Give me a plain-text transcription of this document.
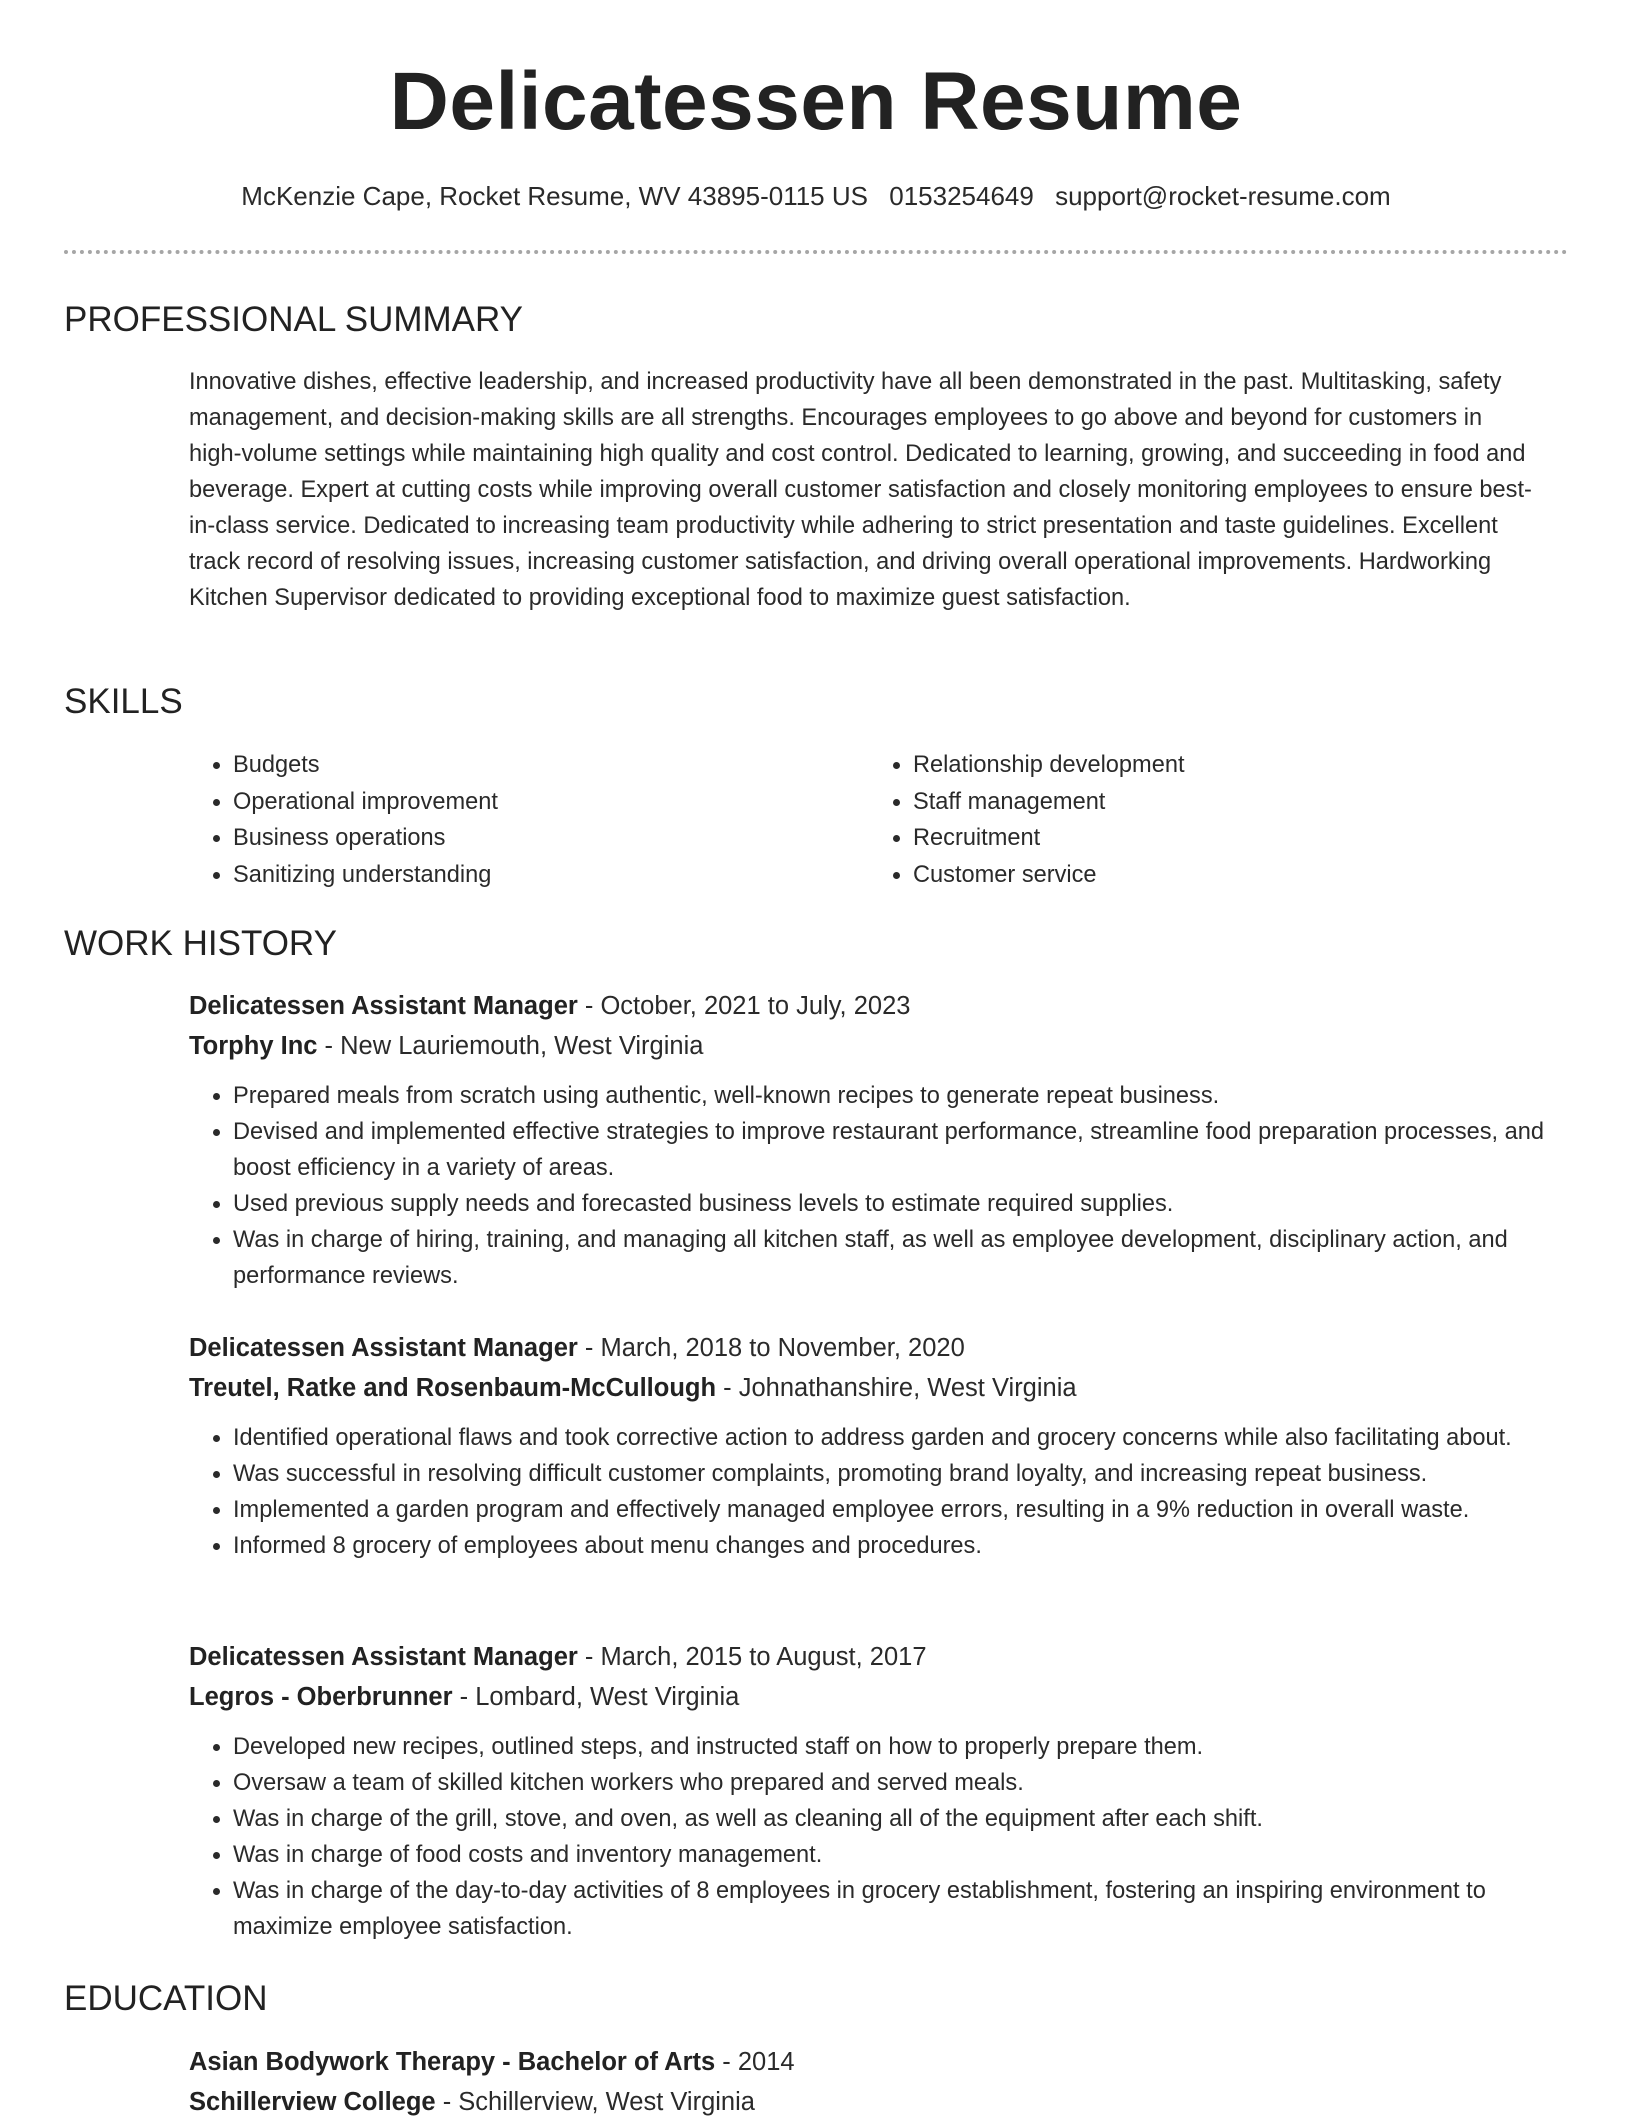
Delicatessen Resume
McKenzie Cape, Rocket Resume, WV 43895-0115 US 0153254649 support@rocket-resume.com
PROFESSIONAL SUMMARY

Innovative dishes, effective leadership, and increased productivity have all been demonstrated in the past. Multitasking, safety management, and decision-making skills are all strengths. Encourages employees to go above and beyond for customers in high-volume settings while maintaining high quality and cost control. Dedicated to learning, growing, and succeeding in food and beverage. Expert at cutting costs while improving overall customer satisfaction and closely monitoring employees to ensure best-in-class service. Dedicated to increasing team productivity while adhering to strict presentation and taste guidelines. Excellent track record of resolving issues, increasing customer satisfaction, and driving overall operational improvements. Hardworking Kitchen Supervisor dedicated to providing exceptional food to maximize guest satisfaction.

SKILLS
• Budgets
• Operational improvement
• Business operations
• Sanitizing understanding
• Relationship development
• Staff management
• Recruitment
• Customer service
WORK HISTORY
Delicatessen Assistant Manager - October, 2021 to July, 2023
Torphy Inc - New Lauriemouth, West Virginia
• Prepared meals from scratch using authentic, well-known recipes to generate repeat business.
• Devised and implemented effective strategies to improve restaurant performance, streamline food preparation processes, and boost efficiency in a variety of areas.
• Used previous supply needs and forecasted business levels to estimate required supplies.
• Was in charge of hiring, training, and managing all kitchen staff, as well as employee development, disciplinary action, and performance reviews.
Delicatessen Assistant Manager - March, 2018 to November, 2020
Treutel, Ratke and Rosenbaum-McCullough - Johnathanshire, West Virginia
• Identified operational flaws and took corrective action to address garden and grocery concerns while also facilitating about.
• Was successful in resolving difficult customer complaints, promoting brand loyalty, and increasing repeat business.
• Implemented a garden program and effectively managed employee errors, resulting in a 9% reduction in overall waste.
• Informed 8 grocery of employees about menu changes and procedures.
Delicatessen Assistant Manager - March, 2015 to August, 2017
Legros - Oberbrunner - Lombard, West Virginia
• Developed new recipes, outlined steps, and instructed staff on how to properly prepare them.
• Oversaw a team of skilled kitchen workers who prepared and served meals.
• Was in charge of the grill, stove, and oven, as well as cleaning all of the equipment after each shift.
• Was in charge of food costs and inventory management.
• Was in charge of the day-to-day activities of 8 employees in grocery establishment, fostering an inspiring environment to maximize employee satisfaction.
EDUCATION
Asian Bodywork Therapy - Bachelor of Arts - 2014
Schillerview College - Schillerview, West Virginia
